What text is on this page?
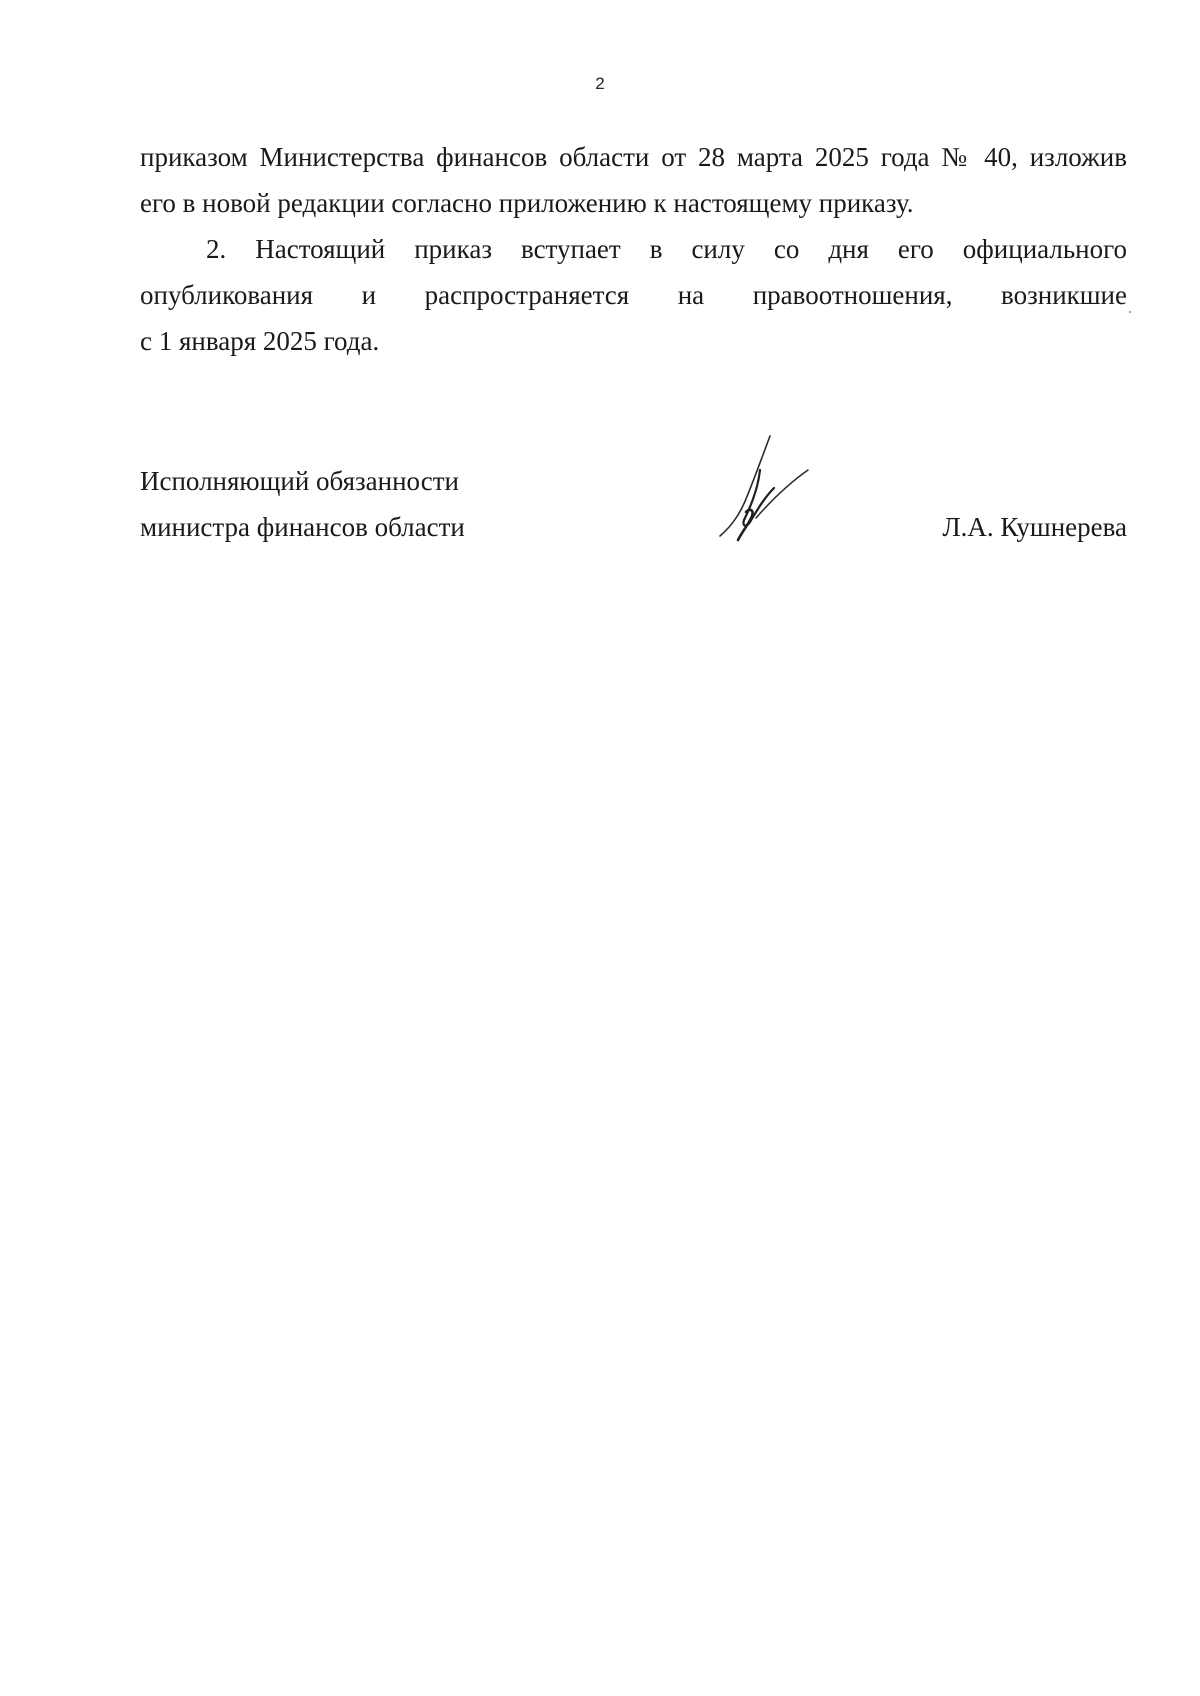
2
приказом Министерства финансов области от 28 марта 2025 года № 40, изложив
его в новой редакции согласно приложению к настоящему приказу.
2. Настоящий приказ вступает в силу со дня его официального
опубликования и распространяется на правоотношения, возникшие
с 1 января 2025 года.
Исполняющий обязанности
министра финансов области	Л.А. Кушнерева
